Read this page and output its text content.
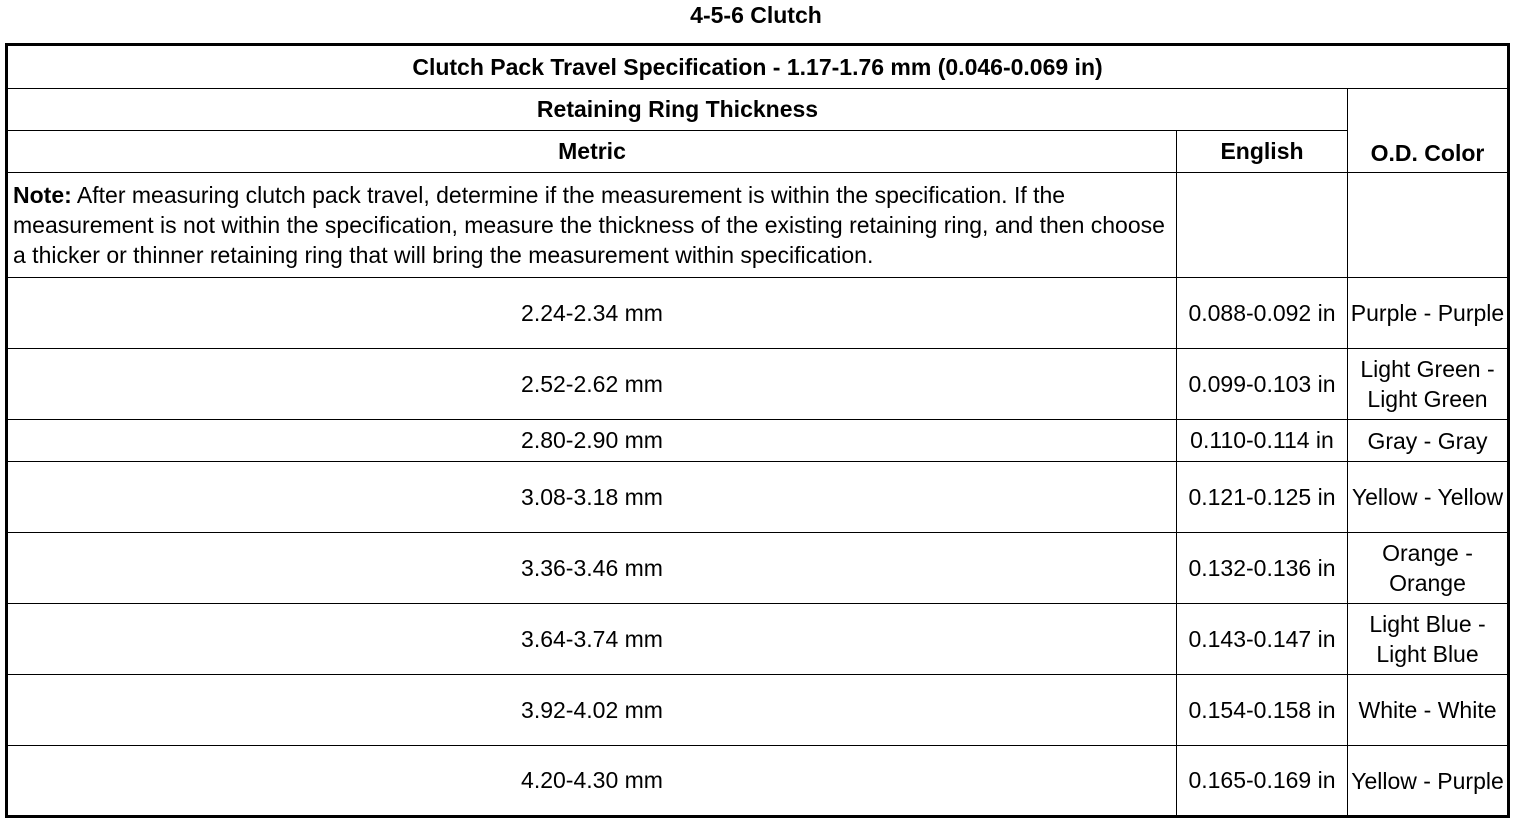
4-5-6 Clutch
Clutch Pack Travel Specification - 1.17-1.76 mm (0.046-0.069 in)		
Retaining Ring Thickness		O.D. Color
Metric	English	
Note: After measuring clutch pack travel, determine if the measurement is within the specification. If the measurement is not within the specification, measure the thickness of the existing retaining ring, and then choose a thicker or thinner retaining ring that will bring the measurement within specification.		
2.24-2.34 mm	0.088-0.092 in	Purple - Purple
2.52-2.62 mm	0.099-0.103 in	Light Green - Light Green
2.80-2.90 mm	0.110-0.114 in	Gray - Gray
3.08-3.18 mm	0.121-0.125 in	Yellow - Yellow
3.36-3.46 mm	0.132-0.136 in	Orange - Orange
3.64-3.74 mm	0.143-0.147 in	Light Blue - Light Blue
3.92-4.02 mm	0.154-0.158 in	White - White
4.20-4.30 mm	0.165-0.169 in	Yellow - Purple
